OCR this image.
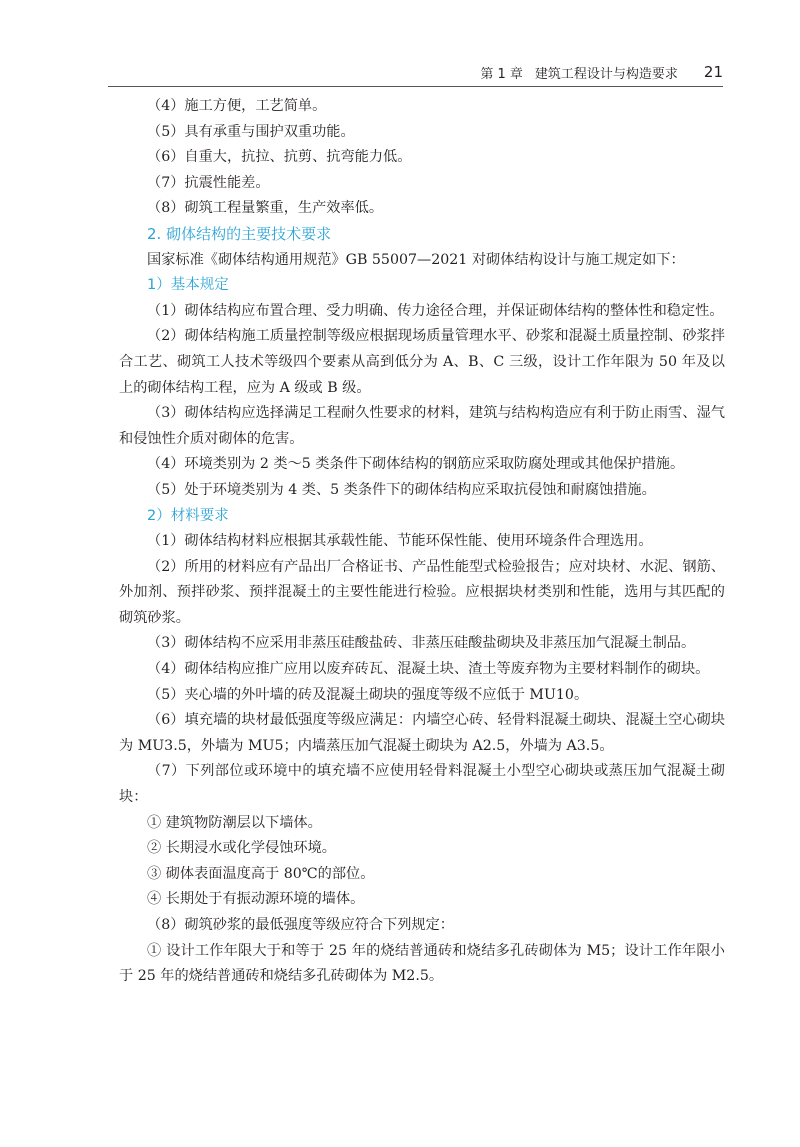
第 1 章 建筑工程设计与构造要求 21

（4）施工方便，工艺简单。

（5）具有承重与围护双重功能。

（6）自重大，抗拉、抗剪、抗弯能力低。

（7）抗震性能差。

（8）砌筑工程量繁重，生产效率低。

2. 砌体结构的主要技术要求

国家标准《砌体结构通用规范》GB 55007—2021 对砌体结构设计与施工规定如下：

1）基本规定

（1）砌体结构应布置合理、受力明确、传力途径合理，并保证砌体结构的整体性和稳定性。

（2）砌体结构施工质量控制等级应根据现场质量管理水平、砂浆和混凝土质量控制、砂浆拌合工艺、砌筑工人技术等级四个要素从高到低分为 A、B、C 三级，设计工作年限为 50 年及以上的砌体结构工程，应为 A 级或 B 级。

（3）砌体结构应选择满足工程耐久性要求的材料，建筑与结构构造应有利于防止雨雪、湿气和侵蚀性介质对砌体的危害。

（4）环境类别为 2 类～5 类条件下砌体结构的钢筋应采取防腐处理或其他保护措施。

（5）处于环境类别为 4 类、5 类条件下的砌体结构应采取抗侵蚀和耐腐蚀措施。

2）材料要求

（1）砌体结构材料应根据其承载性能、节能环保性能、使用环境条件合理选用。

（2）所用的材料应有产品出厂合格证书、产品性能型式检验报告；应对块材、水泥、钢筋、外加剂、预拌砂浆、预拌混凝土的主要性能进行检验。应根据块材类别和性能，选用与其匹配的砌筑砂浆。

（3）砌体结构不应采用非蒸压硅酸盐砖、非蒸压硅酸盐砌块及非蒸压加气混凝土制品。

（4）砌体结构应推广应用以废弃砖瓦、混凝土块、渣土等废弃物为主要材料制作的砌块。

（5）夹心墙的外叶墙的砖及混凝土砌块的强度等级不应低于 MU10。

（6）填充墙的块材最低强度等级应满足：内墙空心砖、轻骨料混凝土砌块、混凝土空心砌块为 MU3.5，外墙为 MU5；内墙蒸压加气混凝土砌块为 A2.5，外墙为 A3.5。

（7）下列部位或环境中的填充墙不应使用轻骨料混凝土小型空心砌块或蒸压加气混凝土砌块：

① 建筑物防潮层以下墙体。

② 长期浸水或化学侵蚀环境。

③ 砌体表面温度高于 80℃的部位。

④ 长期处于有振动源环境的墙体。

（8）砌筑砂浆的最低强度等级应符合下列规定：

① 设计工作年限大于和等于 25 年的烧结普通砖和烧结多孔砖砌体为 M5；设计工作年限小于 25 年的烧结普通砖和烧结多孔砖砌体为 M2.5。
